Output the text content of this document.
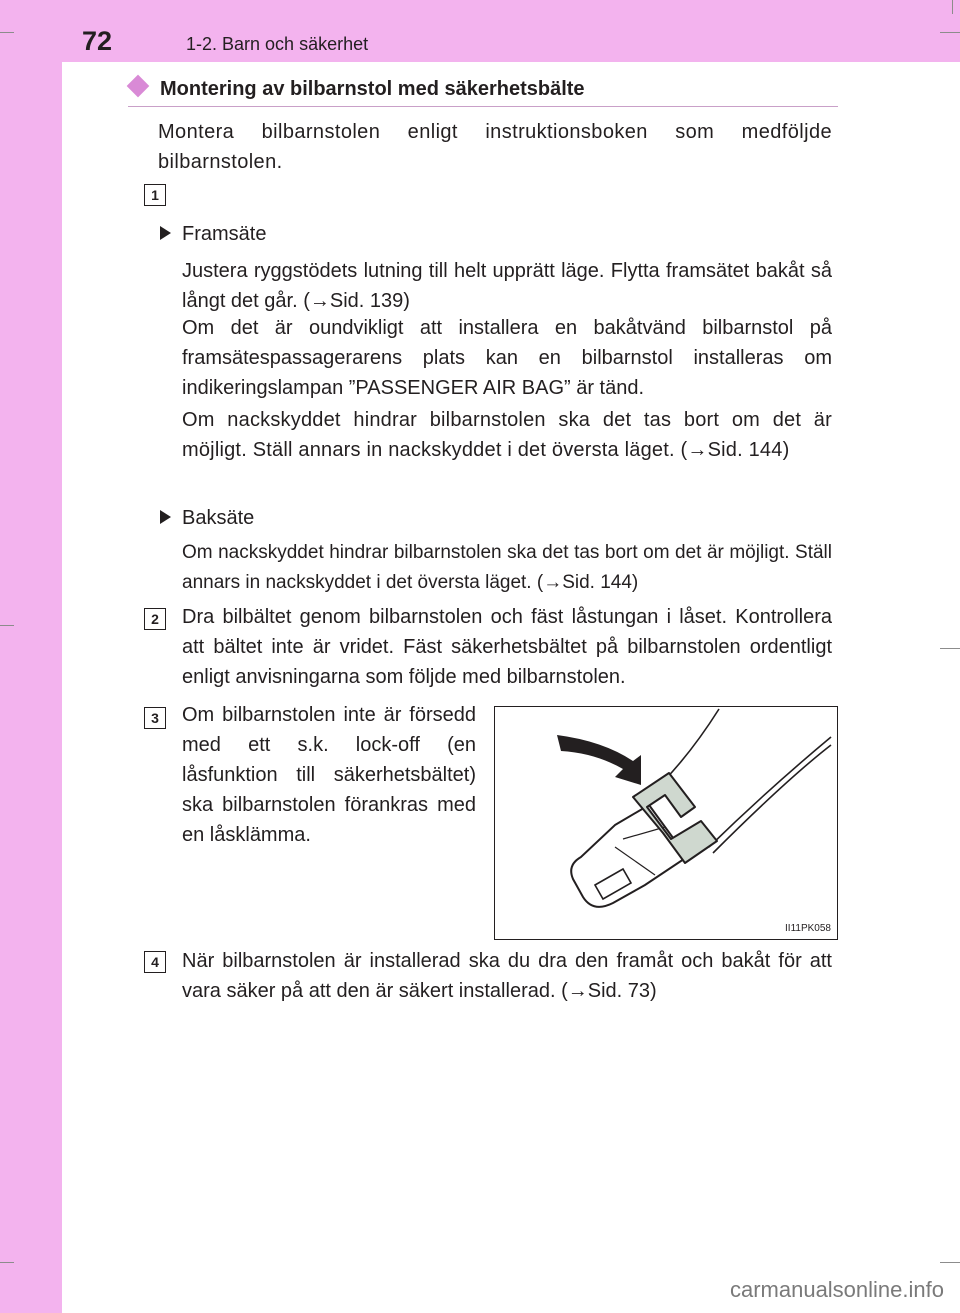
72	1-2. Barn och säkerhet
Montering av bilbarnstol med säkerhetsbälte

Montera bilbarnstolen enligt instruktionsboken som medföljde bilbarnstolen.

1
Framsäte

Justera ryggstödets lutning till helt upprätt läge. Flytta framsätet bakåt så långt det går. (→Sid. 139)

Om det är oundvikligt att installera en bakåtvänd bilbarnstol på framsätespassagerarens plats kan en bilbarnstol installeras om indikeringslampan ”PASSENGER AIR BAG” är tänd.

Om nackskyddet hindrar bilbarnstolen ska det tas bort om det är möjligt. Ställ annars in nackskyddet i det översta läget. (→Sid. 144)

Baksäte

Om nackskyddet hindrar bilbarnstolen ska det tas bort om det är möjligt. Ställ annars in nackskyddet i det översta läget. (→Sid. 144)

2	Dra bilbältet genom bilbarnstolen och fäst låstungan i låset. Kontrollera att bältet inte är vridet. Fäst säkerhetsbältet på bilbarnstolen ordentligt enligt anvisningarna som följde med bilbarnstolen.

3	Om bilbarnstolen inte är försedd med ett s.k. lock-off (en låsfunktion till säkerhetsbältet) ska bilbarnstolen förankras med en låsklämma.

II11PK058
4	När bilbarnstolen är installerad ska du dra den framåt och bakåt för att vara säker på att den är säkert installerad. (→Sid. 73)

carmanualsonline.info
